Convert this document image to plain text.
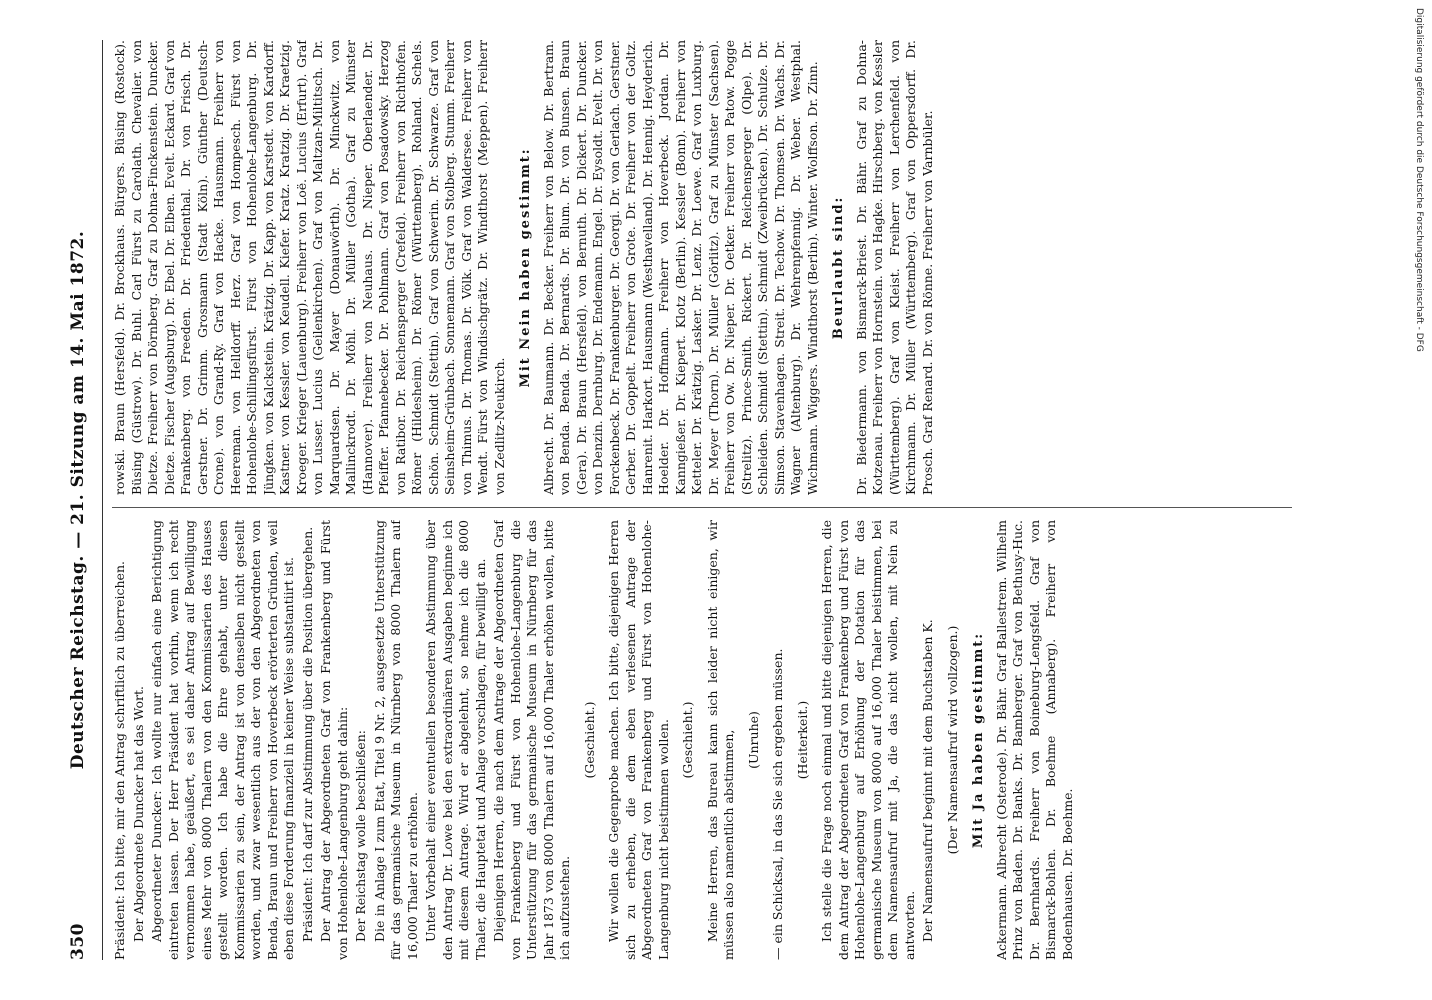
350
Deutscher Reichstag. — 21. Sitzung am 14. Mai 1872. Präsident: Ich bitte, mir den Antrag schriftlich zu überreichen. Der Abgeordnete Duncker hat das Wort. Abgeordneter Duncker: Ich wollte nur einfach eine Berichtigung eintreten lassen. Der Herr Präsident hat vorhin, wenn ich recht vernommen habe, geäußert, es sei daher Antrag auf Bewilligung eines Mehr von 8000 Thalern von den Kommissarien des Hauses gestellt worden. Ich habe die Ehre gehabt, unter diesen Kommissarien zu sein, der Antrag ist von denselben nicht gestellt worden, und zwar wesentlich aus der von den Abgeordneten von Benda, Braun und Freiherr von Hoverbeck erörterten Gründen, weil eben diese Forderung finanziell in keiner Weise substantiirt ist. Präsident: Ich darf zur Abstimmung über die Position übergehen. Der Antrag der Abgeordneten Graf von Frankenberg und Fürst von Hohenlohe-Langenburg geht dahin: Der Reichstag wolle beschließen: Die in Anlage I zum Etat, Titel 9 Nr. 2, ausgesetzte Unterstützung für das germanische Museum in Nürnberg von 8000 Thalern auf 16,000 Thaler zu erhöhen. Unter Vorbehalt einer eventuellen besonderen Abstimmung über den Antrag Dr. Lowe bei den extraordinären Ausgaben beginne ich mit diesem Antrage. Wird er abgelehnt, so nehme ich die 8000 Thaler, die Hauptetat und Anlage vorschlagen, für bewilligt an. Diejenigen Herren, die nach dem Antrage der Abgeordneten Graf von Frankenberg und Fürst von Hohenlohe-Langenburg die Unterstützung für das germanische Museum in Nürnberg für das Jahr 1873 von 8000 Thalern auf 16,000 Thaler erhöhen wollen, bitte ich aufzustehen.

(Geschieht.) Wir wollen die Gegenprobe machen. Ich bitte, diejenigen Herren sich zu erheben, die dem eben verlesenen Antrage der Abgeordneten Graf von Frankenberg und Fürst von Hohenlohe-Langenburg nicht beistimmen wollen. (Geschieht.) Meine Herren, das Bureau kann sich leider nicht einigen, wir müssen also namentlich abstimmen, (Unruhe) — ein Schicksal, in das Sie sich ergeben müssen. (Heiterkeit.) Ich stelle die Frage noch einmal und bitte diejenigen Herren, die dem Antrag der Abgeordneten Graf von Frankenberg und Fürst von Hohenlohe-Langenburg auf Erhöhung der Dotation für das germanische Museum von 8000 auf 16,000 Thaler beistimmen, bei dem Namensaufruf mit Ja, die das nicht wollen, mit Nein zu antworten. Der Namensaufruf beginnt mit dem Buchstaben K. (Der Namensaufruf wird vollzogen.) Mit Ja haben gestimmt: Ackermann. Albrecht (Osterode). Dr. Bähr. Graf Ballestrem. Wilhelm Prinz von Baden. Dr. Banks. Dr. Bamberger. Graf von Bethusy-Huc. Dr. Bernhards. Freiherr von Boineburg-Lengsfeld. Graf von Bismarck-Bohlen. Dr. Boehme (Annaberg). Freiherr von Bodenhausen. Dr. Boehme.

rowski. Braun (Hersfeld). Dr. Brockhaus. Bürgers. Büsing (Rostock). Büsing (Güstrow). Dr. Buhl. Carl Fürst zu Carolath. Chevalier. von Dietze. Freiherr von Dörnberg. Graf zu Dohna-Finckenstein. Duncker. Dietze. Fischer (Augsburg). Dr. Ebel. Dr. Elben. Evelt. Eckard. Graf von Frankenberg. von Freeden. Dr. Friedenthal. Dr. von Frisch. Dr. Gerstner. Dr. Grimm. Grosmann (Stadt Köln). Günther (Deutsch-Crone). von Grand-Ry. Graf von Hacke. Hausmann. Freiherr von Heereman. von Helldorff. Herz. Graf von Hompesch. Fürst von Hohenlohe-Schillingsfürst. Fürst von Hohenlohe-Langenburg. Dr. Jüngken. von Kalckstein. Krätzig. Dr. Kapp. von Karstedt. von Kardorff. Kastner. von Kessler. von Keudell. Kiefer. Kratz. Kratzig. Dr. Kraetzig. Kroeger. Krieger (Lauenburg). Freiherr von Loë. Lucius (Erfurt). Graf von Lusser. Lucius (Geilenkirchen). Graf von Maltzan-Miltitsch. Dr. Marquardsen. Dr. Mayer (Donauwörth). Dr. Minckwitz. von Mallinckrodt. Dr. Möhl. Dr. Müller (Gotha). Graf zu Münster (Hannover). Freiherr von Neuhaus. Dr. Nieper. Oberlaender. Dr. Pfeiffer. Pfannebecker. Dr. Pohlmann. Graf von Posadowsky. Herzog von Ratibor. Dr. Reichensperger (Crefeld). Freiherr von Richthofen. Römer (Hildesheim). Dr. Römer (Württemberg). Rohland. Schels. Schön. Schmidt (Stettin). Graf von Schwerin. Dr. Schwarze. Graf von Seinsheim-Grünbach. Sonnemann. Graf von Stolberg. Stumm. Freiherr von Thimus. Dr. Thomas. Dr. Völk. Graf von Waldersee. Freiherr von Wendt. Fürst von Windischgrätz. Dr. Windthorst (Meppen). Freiherr von Zedlitz-Neukirch.

Mit Nein haben gestimmt: Albrecht. Dr. Baumann. Dr. Becker. Freiherr von Below. Dr. Bertram. von Benda. Benda. Dr. Bernards. Dr. Blum. Dr. von Bunsen. Braun (Gera). Dr. Braun (Hersfeld). von Bernuth. Dr. Dickert. Dr. Duncker. von Denzin. Dernburg. Dr. Endemann. Engel. Dr. Eysoldt. Evelt. Dr. von Forckenbeck. Dr. Frankenburger. Dr. Georgi. Dr. von Gerlach. Gerstner. Gerber. Dr. Goppelt. Freiherr von Grote. Dr. Freiherr von der Goltz. Hanrenit. Harkort. Hausmann (Westhavelland). Dr. Hennig. Heyderich. Hoelder. Dr. Hoffmann. Freiherr von Hoverbeck. Jordan. Dr. Kanngießer. Dr. Kiepert. Klotz (Berlin). Kessler (Bonn). Freiherr von Ketteler. Dr. Krätzig. Lasker. Dr. Lenz. Dr. Loewe. Graf von Luxburg. Dr. Meyer (Thorn). Dr. Müller (Görlitz). Graf zu Münster (Sachsen). Freiherr von Ow. Dr. Nieper. Dr. Oetker. Freiherr von Patow. Pogge (Strelitz). Prince-Smith. Rickert. Dr. Reichensperger (Olpe). Dr. Schleiden. Schmidt (Stettin). Schmidt (Zweibrücken). Dr. Schulze. Dr. Simson. Stavenhagen. Streit. Dr. Techow. Dr. Thomsen. Dr. Wachs. Dr. Wagner (Altenburg). Dr. Wehrenpfennig. Dr. Weber. Westphal. Wichmann. Wiggers. Windthorst (Berlin). Winter. Wolffson. Dr. Zinn. Beurlaubt sind: Dr. Biedermann. von Bismarck-Briest. Dr. Bähr. Graf zu Dohna-Kotzenau. Freiherr von Hornstein. von Hagke. Hirschberg. von Kessler (Württemberg). Graf von Kleist. Freiherr von Lerchenfeld. von Kirchmann. Dr. Müller (Württemberg). Graf von Oppersdorff. Dr. Prosch. Graf Renard. Dr. von Rönne. Freiherr von Varnbüler.	Digitalisierung gefördert durch die Deutsche Forschungsgemeinschaft - DFG
